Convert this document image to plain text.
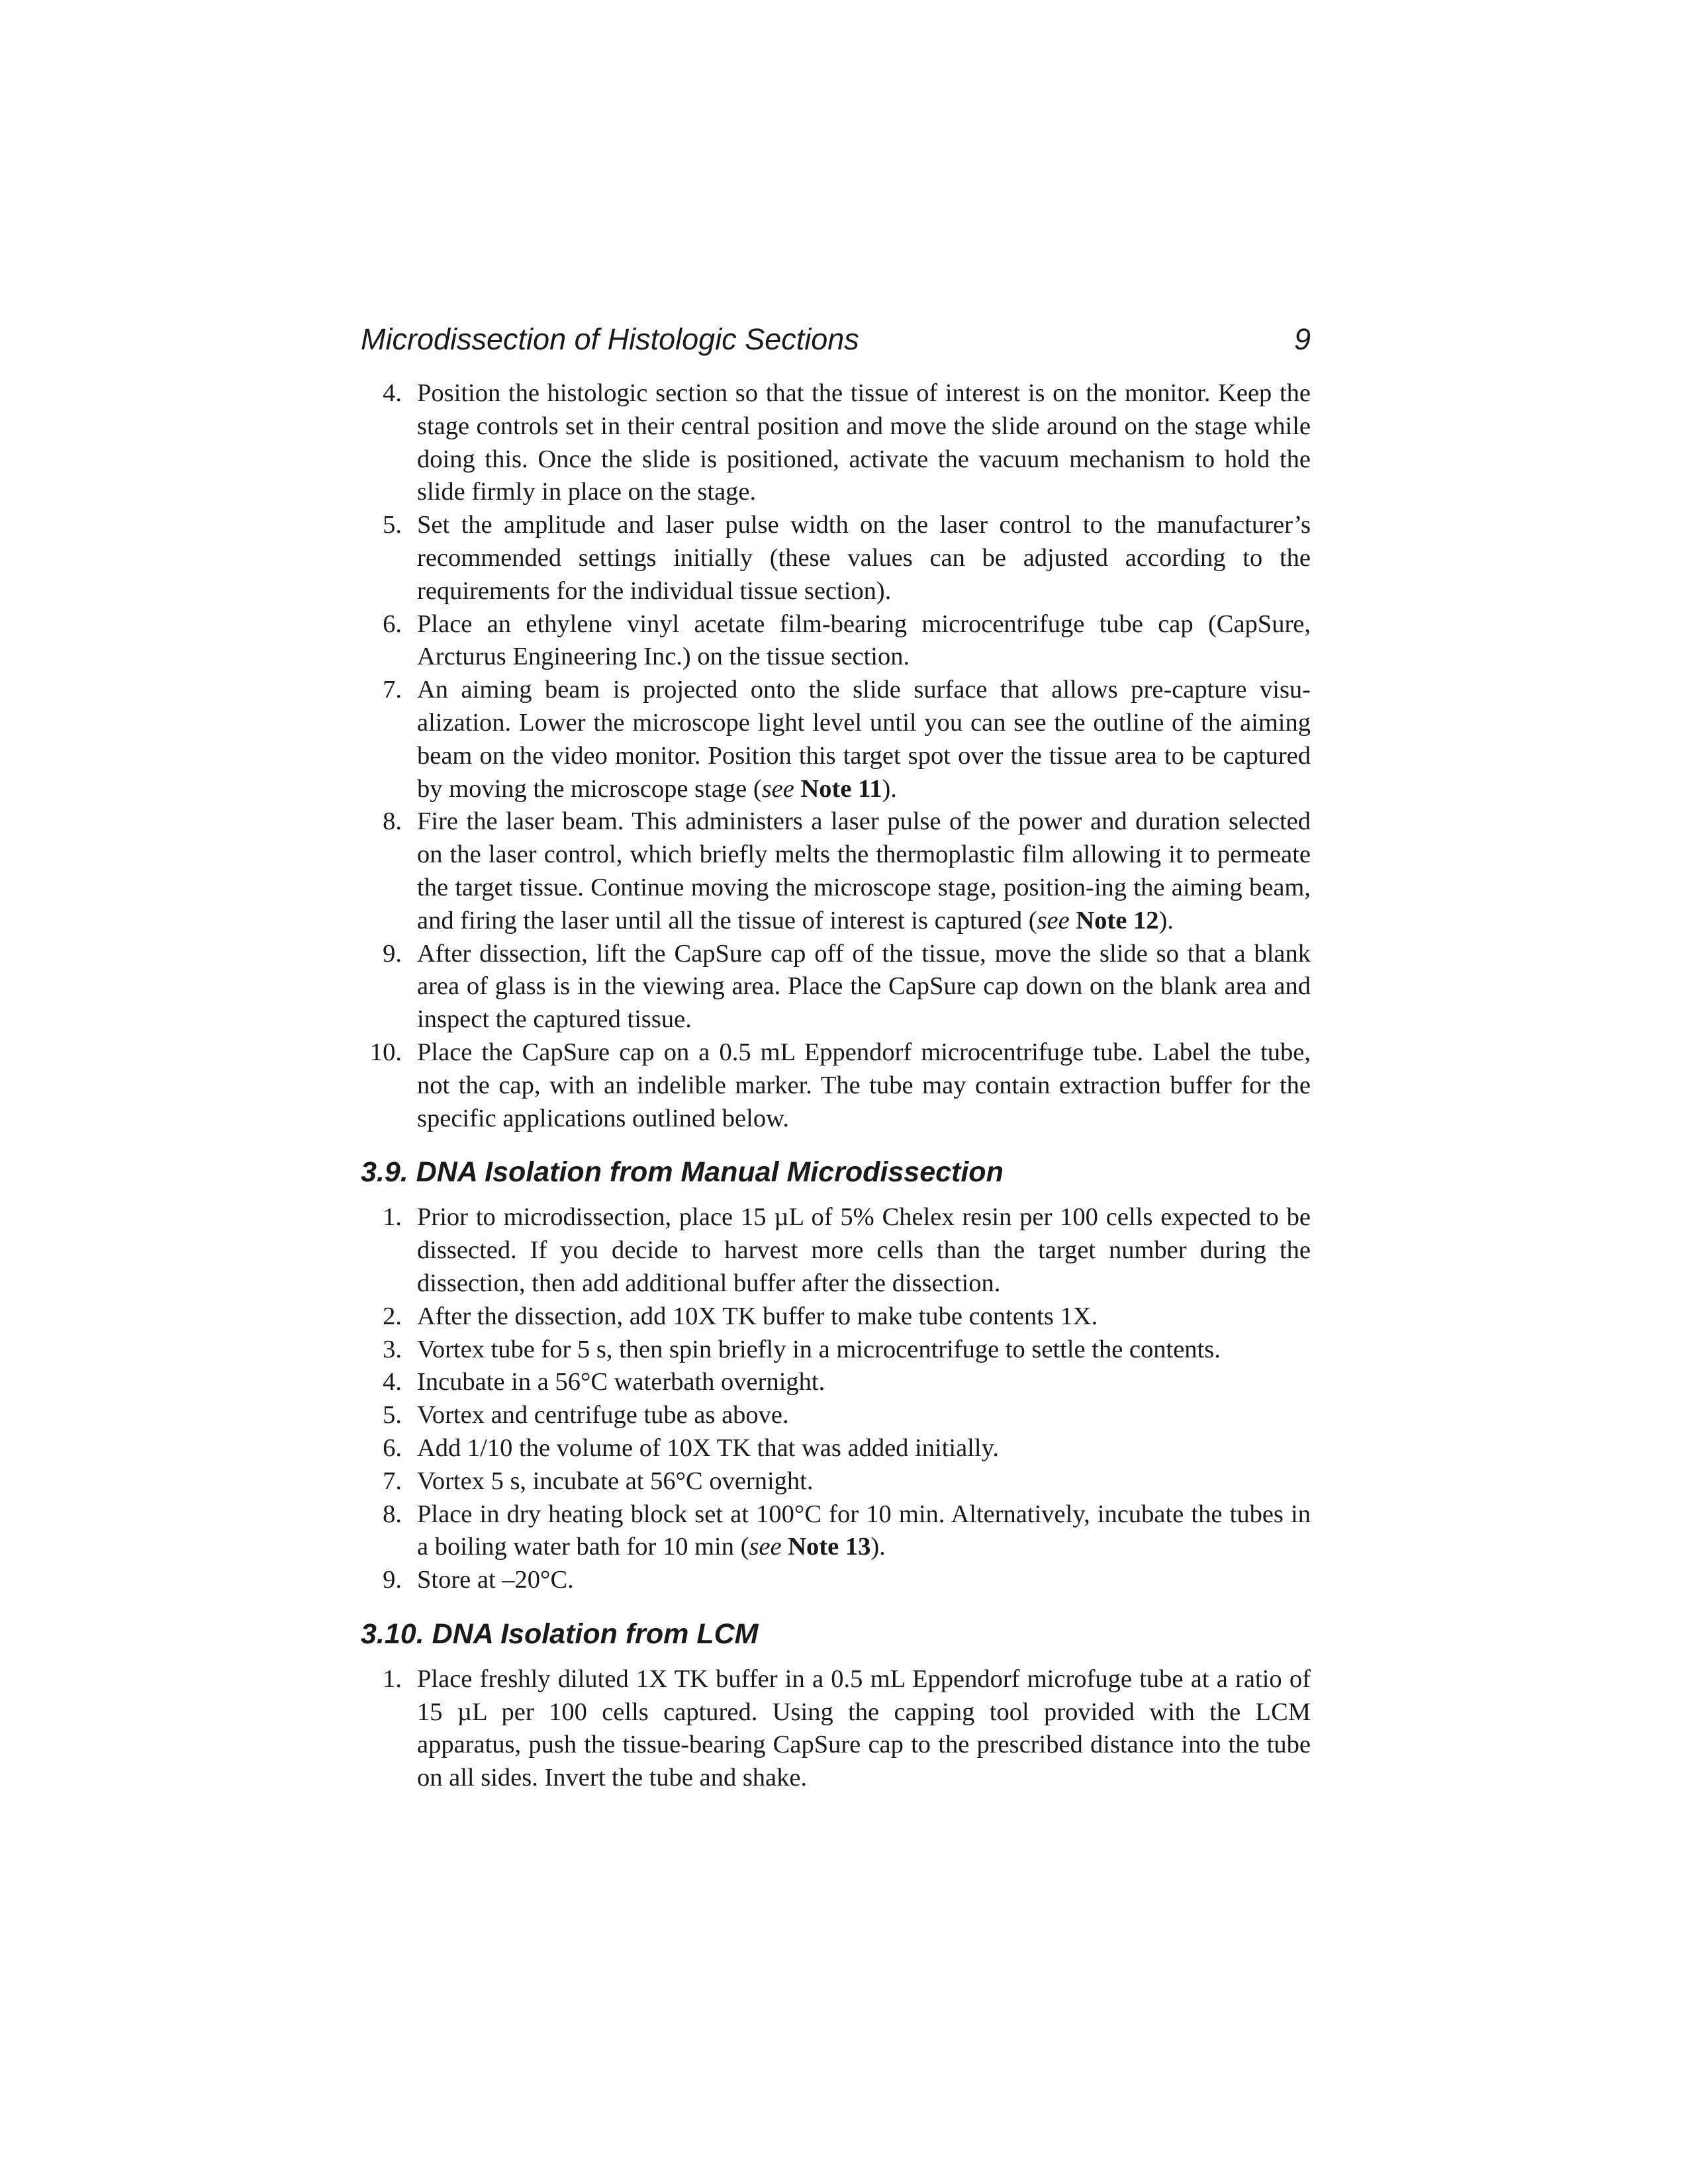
Microdissection of Histologic Sections	9
4. Position the histologic section so that the tissue of interest is on the monitor. Keep the stage controls set in their central position and move the slide around on the stage while doing this. Once the slide is positioned, activate the vacuum mechanism to hold the slide firmly in place on the stage.
5. Set the amplitude and laser pulse width on the laser control to the manufacturer’s recommended settings initially (these values can be adjusted according to the requirements for the individual tissue section).
6. Place an ethylene vinyl acetate film-bearing microcentrifuge tube cap (CapSure, Arcturus Engineering Inc.) on the tissue section.
7. An aiming beam is projected onto the slide surface that allows pre-capture visu-alization. Lower the microscope light level until you can see the outline of the aiming beam on the video monitor. Position this target spot over the tissue area to be captured by moving the microscope stage (see Note 11).
8. Fire the laser beam. This administers a laser pulse of the power and duration selected on the laser control, which briefly melts the thermoplastic film allowing it to permeate the target tissue. Continue moving the microscope stage, position-ing the aiming beam, and firing the laser until all the tissue of interest is captured (see Note 12).
9. After dissection, lift the CapSure cap off of the tissue, move the slide so that a blank area of glass is in the viewing area. Place the CapSure cap down on the blank area and inspect the captured tissue.
10. Place the CapSure cap on a 0.5 mL Eppendorf microcentrifuge tube. Label the tube, not the cap, with an indelible marker. The tube may contain extraction buffer for the specific applications outlined below.
3.9. DNA Isolation from Manual Microdissection
1. Prior to microdissection, place 15 µL of 5% Chelex resin per 100 cells expected to be dissected. If you decide to harvest more cells than the target number during the dissection, then add additional buffer after the dissection.
2. After the dissection, add 10X TK buffer to make tube contents 1X.
3. Vortex tube for 5 s, then spin briefly in a microcentrifuge to settle the contents.
4. Incubate in a 56°C waterbath overnight.
5. Vortex and centrifuge tube as above.
6. Add 1/10 the volume of 10X TK that was added initially.
7. Vortex 5 s, incubate at 56°C overnight.
8. Place in dry heating block set at 100°C for 10 min. Alternatively, incubate the tubes in a boiling water bath for 10 min (see Note 13).
9. Store at –20°C.
3.10. DNA Isolation from LCM
1. Place freshly diluted 1X TK buffer in a 0.5 mL Eppendorf microfuge tube at a ratio of 15 µL per 100 cells captured. Using the capping tool provided with the LCM apparatus, push the tissue-bearing CapSure cap to the prescribed distance into the tube on all sides. Invert the tube and shake.
